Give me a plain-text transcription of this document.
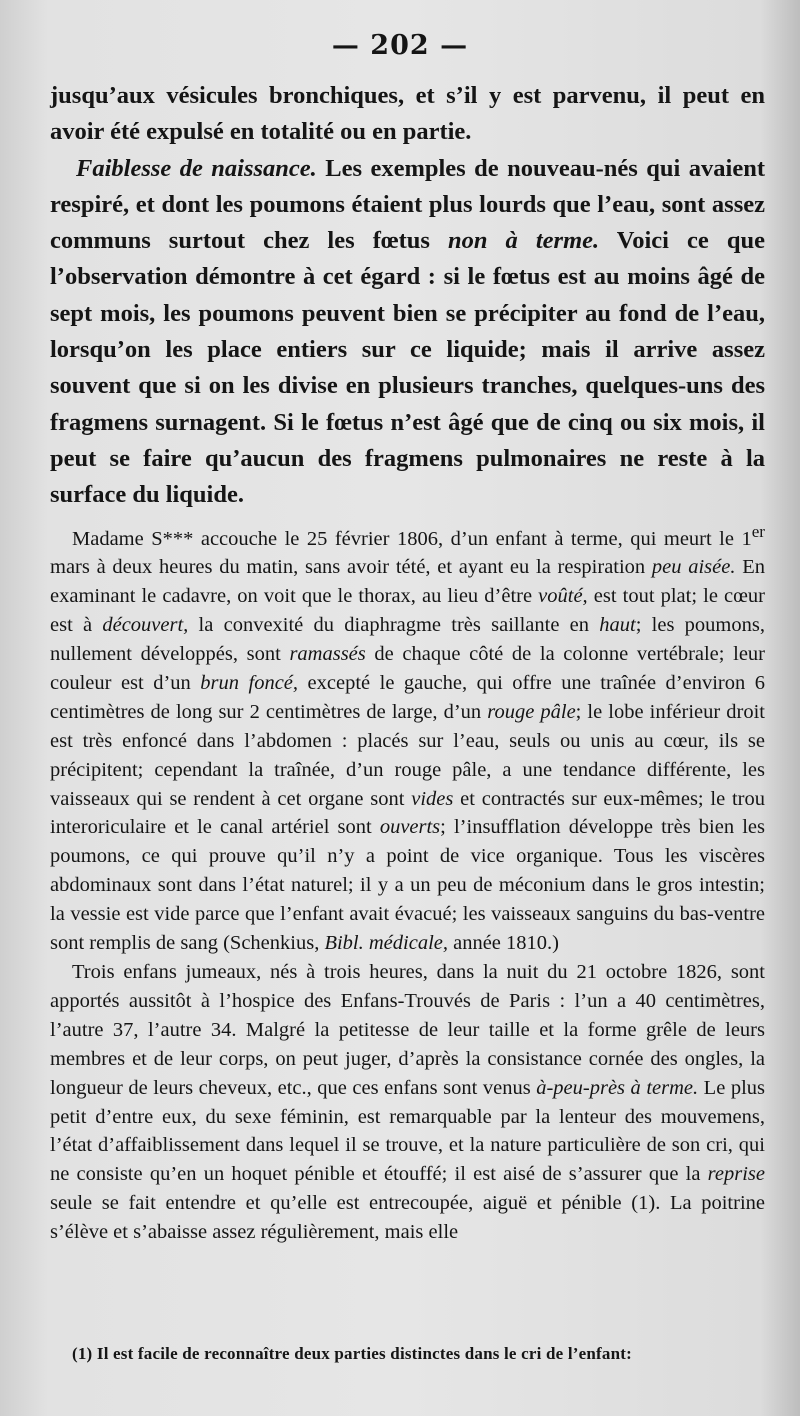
— 202 —

jusqu’aux vésicules bronchiques, et s’il y est parvenu, il peut en avoir été expulsé en totalité ou en partie.

Faiblesse de naissance. Les exemples de nouveau-nés qui avaient respiré, et dont les poumons étaient plus lourds que l’eau, sont assez communs surtout chez les fœtus non à terme. Voici ce que l’observation démontre à cet égard : si le fœtus est au moins âgé de sept mois, les poumons peuvent bien se précipiter au fond de l’eau, lorsqu’on les place entiers sur ce liquide; mais il arrive assez souvent que si on les divise en plusieurs tranches, quelques-uns des fragmens surnagent. Si le fœtus n’est âgé que de cinq ou six mois, il peut se faire qu’aucun des fragmens pulmonaires ne reste à la surface du liquide.

Madame S*** accouche le 25 février 1806, d’un enfant à terme, qui meurt le 1er mars à deux heures du matin, sans avoir tété, et ayant eu la respiration peu aisée. En examinant le cadavre, on voit que le thorax, au lieu d’être voûté, est tout plat; le cœur est à découvert, la convexité du diaphragme très saillante en haut; les poumons, nullement développés, sont ramassés de chaque côté de la colonne vertébrale; leur couleur est d’un brun foncé, excepté le gauche, qui offre une traînée d’environ 6 centimètres de long sur 2 centimètres de large, d’un rouge pâle; le lobe inférieur droit est très enfoncé dans l’abdomen : placés sur l’eau, seuls ou unis au cœur, ils se précipitent; cependant la traînée, d’un rouge pâle, a une tendance différente, les vaisseaux qui se rendent à cet organe sont vides et contractés sur eux-mêmes; le trou interoriculaire et le canal artériel sont ouverts; l’insufflation développe très bien les poumons, ce qui prouve qu’il n’y a point de vice organique. Tous les viscères abdominaux sont dans l’état naturel; il y a un peu de méconium dans le gros intestin; la vessie est vide parce que l’enfant avait évacué; les vaisseaux sanguins du bas-ventre sont remplis de sang (Schenkius, Bibl. médicale, année 1810.)

Trois enfans jumeaux, nés à trois heures, dans la nuit du 21 octobre 1826, sont apportés aussitôt à l’hospice des Enfans-Trouvés de Paris : l’un a 40 centimètres, l’autre 37, l’autre 34. Malgré la petitesse de leur taille et la forme grêle de leurs membres et de leur corps, on peut juger, d’après la consistance cornée des ongles, la longueur de leurs cheveux, etc., que ces enfans sont venus à-peu-près à terme. Le plus petit d’entre eux, du sexe féminin, est remarquable par la lenteur des mouvemens, l’état d’affaiblissement dans lequel il se trouve, et la nature particulière de son cri, qui ne consiste qu’en un hoquet pénible et étouffé; il est aisé de s’assurer que la reprise seule se fait entendre et qu’elle est entrecoupée, aiguë et pénible (1). La poitrine s’élève et s’abaisse assez régulièrement, mais elle

(1) Il est facile de reconnaître deux parties distinctes dans le cri de l’enfant:
